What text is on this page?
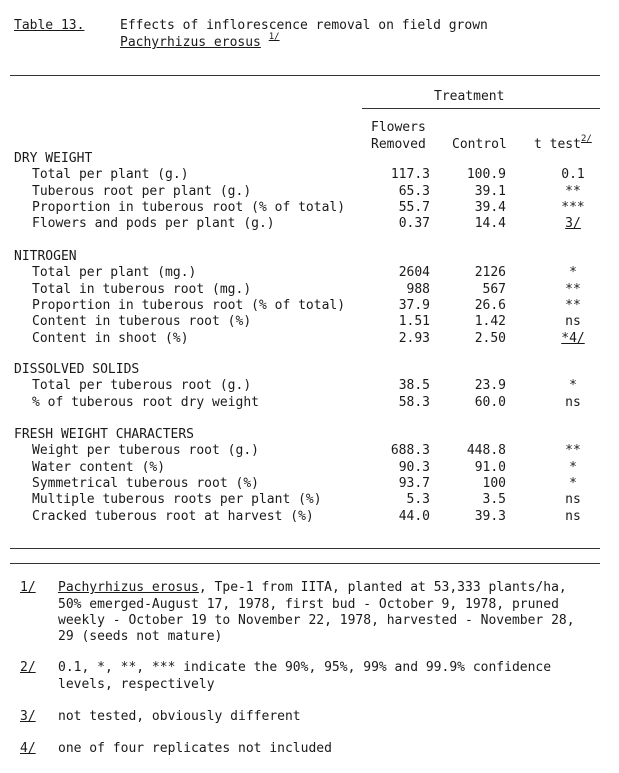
Table 13.	Effects of inflorescence removal on field grown
Pachyrhizus erosus $^{1/}$
Treatment
Flowers
Removed Control t test$^{2/}$
DRY WEIGHT
Total per plant (g.)	117.3	100.9	0.1
Tuberous root per plant (g.)	65.3	39.1	**
Proportion in tuberous root (% of total)	55.7	39.4	***
Flowers and pods per plant (g.)	0.37	14.4	3/
NITROGEN
Total per plant (mg.)	2604	2126	*
Total in tuberous root (mg.)	988	567	**
Proportion in tuberous root (% of total)	37.9	26.6	**
Content in tuberous root (%)	1.51	1.42	ns
Content in shoot (%)	2.93	2.50	*4/
DISSOLVED SOLIDS
Total per tuberous root (g.)	38.5	23.9	*
% of tuberous root dry weight	58.3	60.0	ns
FRESH WEIGHT CHARACTERS
Weight per tuberous root (g.)	688.3	448.8	**
Water content (%)	90.3	91.0	*
Symmetrical tuberous root (%)	93.7	100	*
Multiple tuberous roots per plant (%)	5.3	3.5	ns
Cracked tuberous root at harvest (%)	44.0	39.3	ns
1/ Pachyrhizus erosus, Tpe-1 from IITA, planted at 53,333 plants/ha,
50% emerged-August 17, 1978, first bud - October 9, 1978, pruned
weekly - October 19 to November 22, 1978, harvested - November 28,
29 (seeds not mature)
2/ 0.1, *, **, *** indicate the 90%, 95%, 99% and 99.9% confidence
levels, respectively
3/ not tested, obviously different
4/ one of four replicates not included
